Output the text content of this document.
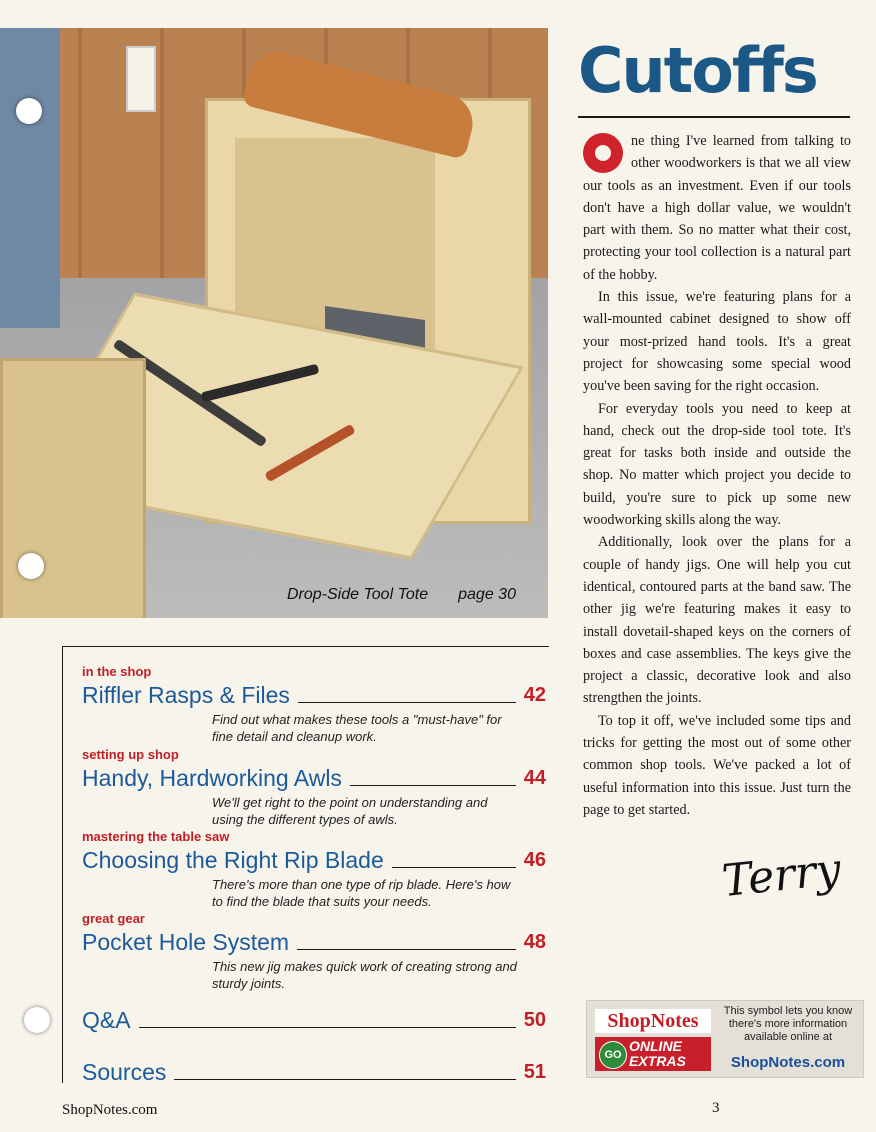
Drop-Side Tool Tote page 30
Cutoffs

ne thing I've learned from talking to other woodworkers is that we all view our tools as an investment. Even if our tools don't have a high dollar value, we wouldn't part with them. So no matter what their cost, protecting your tool collection is a natural part of the hobby.

In this issue, we're featuring plans for a wall-mounted cabinet designed to show off your most-prized hand tools. It's a great project for showcasing some special wood you've been saving for the right occasion.

For everyday tools you need to keep at hand, check out the drop-side tool tote. It's great for tasks both inside and outside the shop. No matter which project you decide to build, you're sure to pick up some new woodworking skills along the way.

Additionally, look over the plans for a couple of handy jigs. One will help you cut identical, contoured parts at the band saw. The other jig we're featuring makes it easy to install dovetail-shaped keys on the corners of boxes and case assemblies. The keys give the project a classic, decorative look and also strengthen the joints.

To top it off, we've included some tips and tricks for getting the most out of some other common shop tools. We've packed a lot of useful information into this issue. Just turn the page to get started.

Terry
ShopNotes
ONLINE
EXTRAS
GO
This symbol lets you know there's more information available online at
ShopNotes.com
in the shop
Riffler Rasps & Files	42
Find out what makes these tools a "must-have" for fine detail and cleanup work.
setting up shop
Handy, Hardworking Awls	44
We'll get right to the point on understanding and using the different types of awls.
mastering the table saw
Choosing the Right Rip Blade	46
There's more than one type of rip blade. Here's how to find the blade that suits your needs.
great gear
Pocket Hole System	48
This new jig makes quick work of creating strong and sturdy joints.
Q&A	50
Sources	51
ShopNotes.com	3
